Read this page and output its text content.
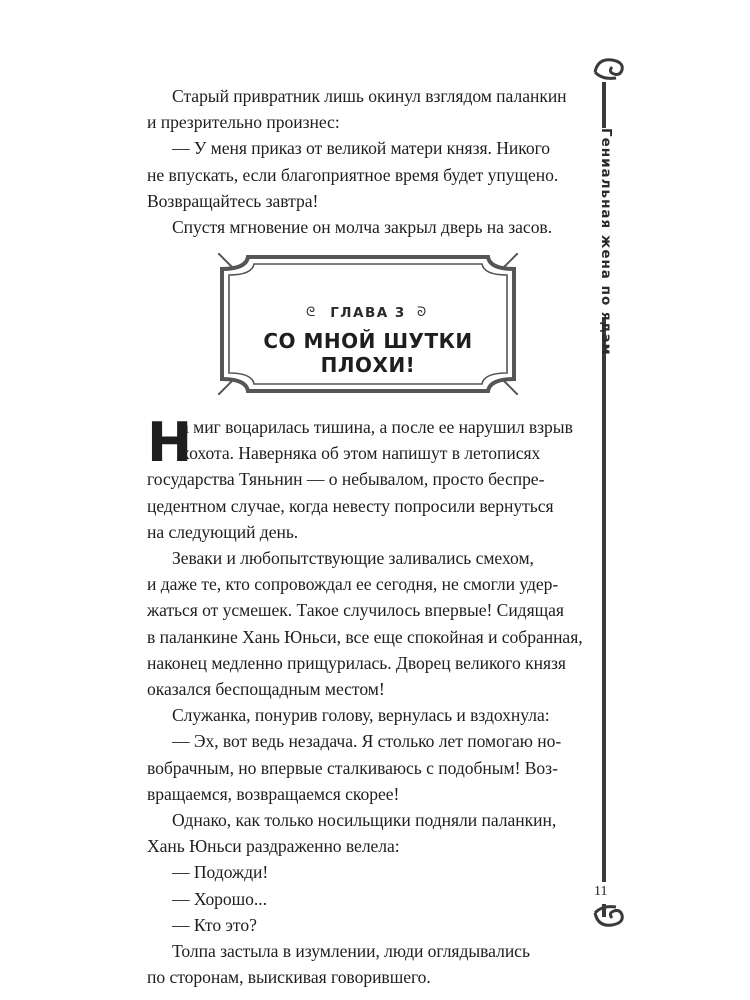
Старый привратник лишь окинул взглядом паланкин

и презрительно произнес:

— У меня приказ от великой матери князя. Никого

не впускать, если благоприятное время будет упущено.

Возвращайтесь завтра!

Спустя мгновение он молча закрыл дверь на засов.

ᘓ	ГЛАВА 3 ᘐ
СО МНОЙ ШУТКИ ПЛОХИ!
Н

а миг воцарилась тишина, а после ее нарушил взрыв

хохота. Наверняка об этом напишут в летописях

государства Тяньнин — о небывалом, просто беспре-

цедентном случае, когда невесту попросили вернуться

на следующий день.

Зеваки и любопытствующие заливались смехом,

и даже те, кто сопровождал ее сегодня, не смогли удер-

жаться от усмешек. Такое случилось впервые! Сидящая

в паланкине Хань Юньси, все еще спокойная и собранная,

наконец медленно прищурилась. Дворец великого князя

оказался беспощадным местом!

Служанка, понурив голову, вернулась и вздохнула:

— Эх, вот ведь незадача. Я столько лет помогаю но-

вобрачным, но впервые сталкиваюсь с подобным! Воз-

вращаемся, возвращаемся скорее!

Однако, как только носильщики подняли паланкин,

Хань Юньси раздраженно велела:

— Подожди!

— Хорошо...

— Кто это?

Толпа застыла в изумлении, люди оглядывались

по сторонам, выискивая говорившего.

Гениальная жена по ядам
11
